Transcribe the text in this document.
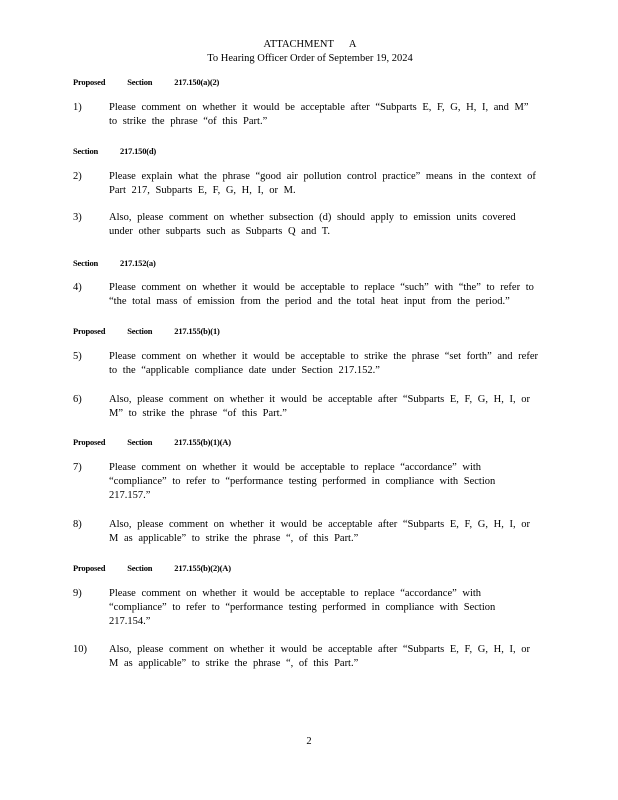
ATTACHMENT      A
To Hearing Officer Order of September 19, 2024
Proposed	Section	217.150(a)(2)
1)	Please comment on whether it would be acceptable after “Subparts E, F, G, H, I, and M” to strike the phrase “of this Part.”
Section	217.150(d)
2)	Please explain what the phrase “good air pollution control practice” means in the context of Part 217, Subparts E, F, G, H, I, or M.
3)	Also, please comment on whether subsection (d) should apply to emission units covered under other subparts such as Subparts Q and T.
Section	217.152(a)
4)	Please comment on whether it would be acceptable to replace “such” with “the” to refer to “the total mass of emission from the period and the total heat input from the period.”
Proposed	Section	217.155(b)(1)
5)	Please comment on whether it would be acceptable to strike the phrase “set forth” and refer to the “applicable compliance date under Section 217.152.”
6)	Also, please comment on whether it would be acceptable after “Subparts E, F, G, H, I, or M” to strike the phrase “of this Part.”
Proposed	Section	217.155(b)(1)(A)
7)	Please comment on whether it would be acceptable to replace “accordance” with “compliance” to refer to “performance testing performed in compliance with Section 217.157.”
8)	Also, please comment on whether it would be acceptable after “Subparts E, F, G, H, I, or M as applicable” to strike the phrase “, of this Part.”
Proposed	Section	217.155(b)(2)(A)
9)	Please comment on whether it would be acceptable to replace “accordance” with “compliance” to refer to “performance testing performed in compliance with Section 217.154.”
10)	Also, please comment on whether it would be acceptable after “Subparts E, F, G, H, I, or M as applicable” to strike the phrase “, of this Part.”
2
